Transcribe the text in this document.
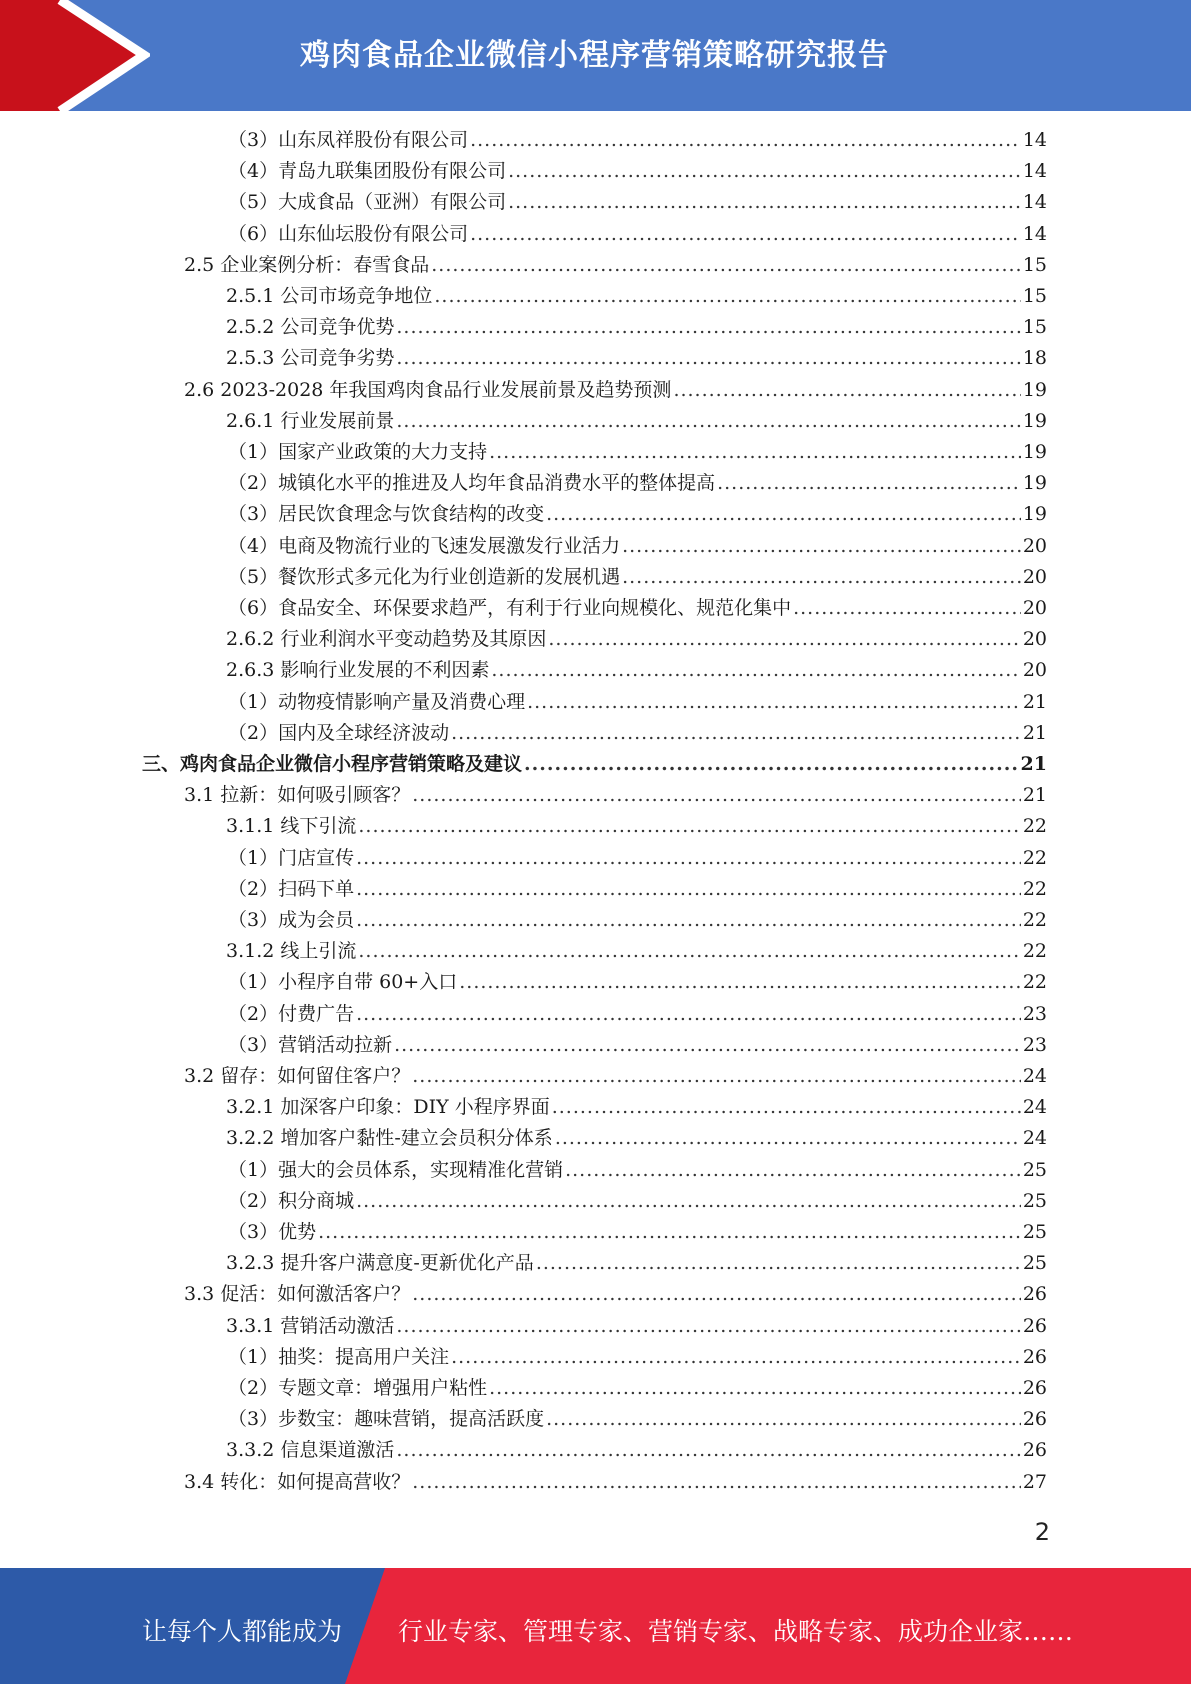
鸡肉食品企业微信小程序营销策略研究报告
（3）山东凤祥股份有限公司 .....	14
（4）青岛九联集团股份有限公司 .....	14
（5）大成食品（亚洲）有限公司 .....	14
（6）山东仙坛股份有限公司 .....	14
2.5 企业案例分析：春雪食品 .....	15
2.5.1 公司市场竞争地位 .....	15
2.5.2 公司竞争优势 .....	15
2.5.3 公司竞争劣势 .....	18
2.6 2023-2028 年我国鸡肉食品行业发展前景及趋势预测 .....	19
2.6.1 行业发展前景 .....	19
（1）国家产业政策的大力支持 .....	19
（2）城镇化水平的推进及人均年食品消费水平的整体提高 .....	19
（3）居民饮食理念与饮食结构的改变 .....	19
（4）电商及物流行业的飞速发展激发行业活力 .....	20
（5）餐饮形式多元化为行业创造新的发展机遇 .....	20
（6）食品安全、环保要求趋严，有利于行业向规模化、规范化集中 .....	20
2.6.2 行业利润水平变动趋势及其原因 .....	20
2.6.3 影响行业发展的不利因素 .....	20
（1）动物疫情影响产量及消费心理 .....	21
（2）国内及全球经济波动 .....	21
三、鸡肉食品企业微信小程序营销策略及建议 .....	21
3.1 拉新：如何吸引顾客？ .....	21
3.1.1 线下引流 .....	22
（1）门店宣传 .....	22
（2）扫码下单 .....	22
（3）成为会员 .....	22
3.1.2 线上引流 .....	22
（1）小程序自带 60+入口 .....	22
（2）付费广告 .....	23
（3）营销活动拉新 .....	23
3.2 留存：如何留住客户？ .....	24
3.2.1 加深客户印象：DIY 小程序界面 .....	24
3.2.2 增加客户黏性-建立会员积分体系 .....	24
（1）强大的会员体系，实现精准化营销 .....	25
（2）积分商城 .....	25
（3）优势 .....	25
3.2.3 提升客户满意度-更新优化产品 .....	25
3.3 促活：如何激活客户？ .....	26
3.3.1 营销活动激活 .....	26
（1）抽奖：提高用户关注 .....	26
（2）专题文章：增强用户粘性 .....	26
（3）步数宝：趣味营销，提高活跃度 .....	26
3.3.2 信息渠道激活 .....	26
3.4 转化：如何提高营收？ .....	27
2
让每个人都能成为 行业专家、管理专家、营销专家、战略专家、成功企业家……
